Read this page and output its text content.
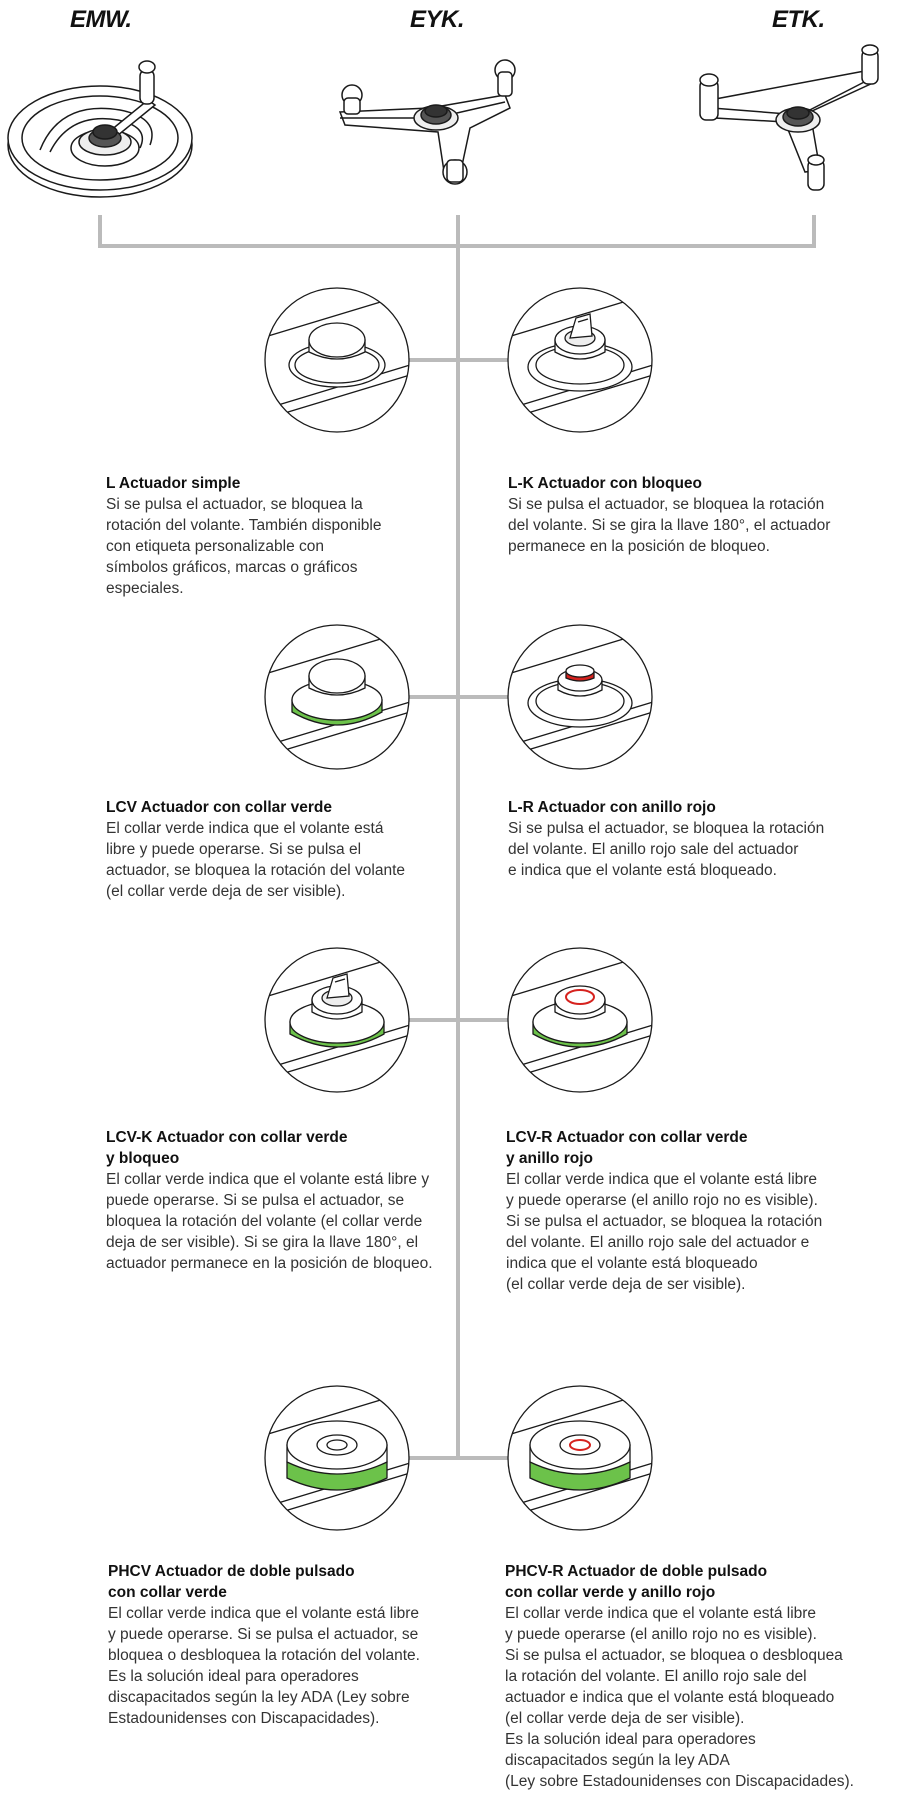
EMW.	EYK.	ETK.
L Actuador simple

Si se pulsa el actuador, se bloquea la
rotación del volante. También disponible
con etiqueta personalizable con
símbolos gráficos, marcas o gráficos
especiales.

L-K Actuador con bloqueo

Si se pulsa el actuador, se bloquea la rotación
del volante. Si se gira la llave 180°, el actuador
permanece en la posición de bloqueo.

LCV Actuador con collar verde

El collar verde indica que el volante está
libre y puede operarse. Si se pulsa el
actuador, se bloquea la rotación del volante
(el collar verde deja de ser visible).

L-R Actuador con anillo rojo

Si se pulsa el actuador, se bloquea la rotación
del volante. El anillo rojo sale del actuador
e indica que el volante está bloqueado.

LCV-K Actuador con collar verde
y bloqueo

El collar verde indica que el volante está libre y
puede operarse. Si se pulsa el actuador, se
bloquea la rotación del volante (el collar verde
deja de ser visible). Si se gira la llave 180°, el
actuador permanece en la posición de bloqueo.

LCV-R Actuador con collar verde
y anillo rojo

El collar verde indica que el volante está libre
y puede operarse (el anillo rojo no es visible).
Si se pulsa el actuador, se bloquea la rotación
del volante. El anillo rojo sale del actuador e
indica que el volante está bloqueado
(el collar verde deja de ser visible).

PHCV Actuador de doble pulsado
con collar verde

El collar verde indica que el volante está libre
y puede operarse. Si se pulsa el actuador, se
bloquea o desbloquea la rotación del volante.
Es la solución ideal para operadores
discapacitados según la ley ADA (Ley sobre
Estadounidenses con Discapacidades).

PHCV-R Actuador de doble pulsado
con collar verde y anillo rojo

El collar verde indica que el volante está libre
y puede operarse (el anillo rojo no es visible).
Si se pulsa el actuador, se bloquea o desbloquea
la rotación del volante. El anillo rojo sale del
actuador e indica que el volante está bloqueado
(el collar verde deja de ser visible).
Es la solución ideal para operadores
discapacitados según la ley ADA
(Ley sobre Estadounidenses con Discapacidades).
